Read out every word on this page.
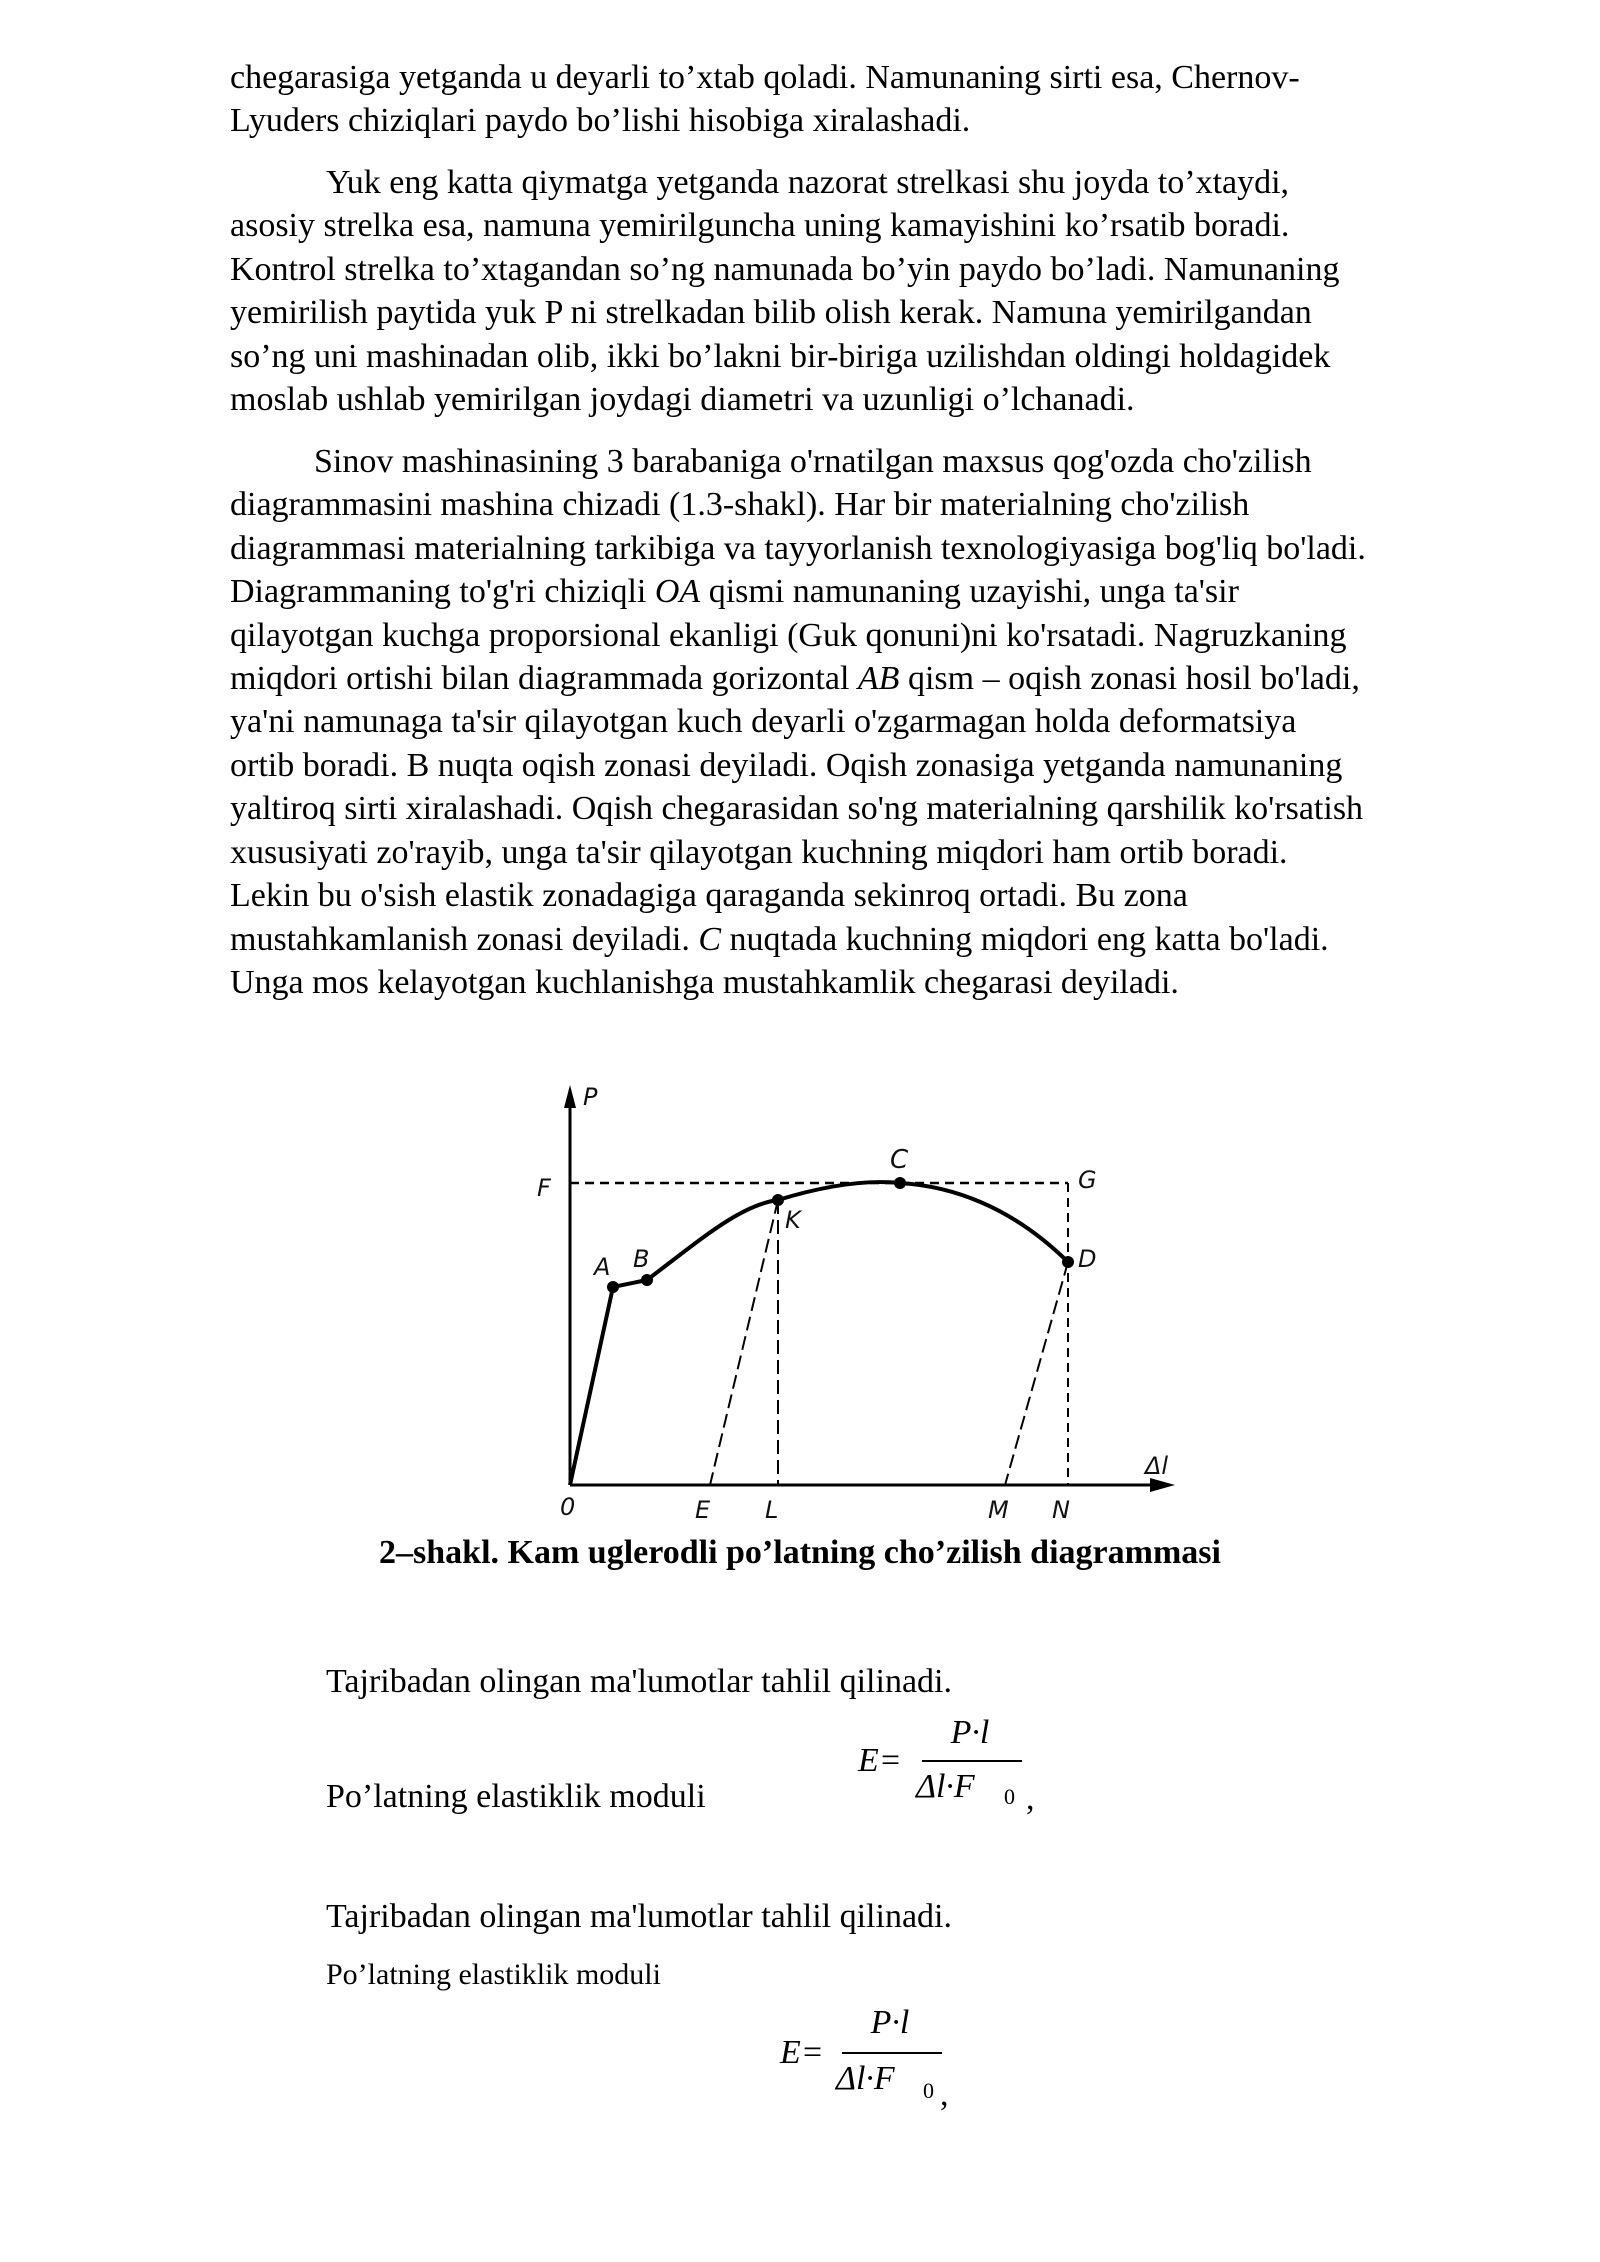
chegarasiga yetganda u deyarli to’xtab qoladi. Namunaning sirti esa, Chernov-

Lyuders chiziqlari paydo bo’lishi hisobiga xiralashadi.

Yuk eng katta qiymatga yetganda nazorat strelkasi shu joyda to’xtaydi,

asosiy strelka esa, namuna yemirilguncha uning kamayishini ko’rsatib boradi.

Kontrol strelka to’xtagandan so’ng namunada bo’yin paydo bo’ladi. Namunaning

yemirilish paytida yuk P ni strelkadan bilib olish kerak. Namuna yemirilgandan

so’ng uni mashinadan olib, ikki bo’lakni bir-biriga uzilishdan oldingi holdagidek

moslab ushlab yemirilgan joydagi diametri va uzunligi o’lchanadi.

Sinov mashinasining 3 barabaniga o'rnatilgan maxsus qog'ozda cho'zilish

diagrammasini mashina chizadi (1.3-shakl). Har bir materialning cho'zilish

diagrammasi materialning tarkibiga va tayyorlanish texnologiyasiga bog'liq bo'ladi.

Diagrammaning to'g'ri chiziqli OA qismi namunaning uzayishi, unga ta'sir

qilayotgan kuchga proporsional ekanligi (Guk qonuni)ni ko'rsatadi. Nagruzkaning

miqdori ortishi bilan diagrammada gorizontal AB qism – oqish zonasi hosil bo'ladi,

ya'ni namunaga ta'sir qilayotgan kuch deyarli o'zgarmagan holda deformatsiya

ortib boradi. B nuqta oqish zonasi deyiladi. Oqish zonasiga yetganda namunaning

yaltiroq sirti xiralashadi. Oqish chegarasidan so'ng materialning qarshilik ko'rsatish

xususiyati zo'rayib, unga ta'sir qilayotgan kuchning miqdori ham ortib boradi.

Lekin bu o'sish elastik zonadagiga qaraganda sekinroq ortadi. Bu zona

mustahkamlanish zonasi deyiladi. C nuqtada kuchning miqdori eng katta bo'ladi.

Unga mos kelayotgan kuchlanishga mustahkamlik chegarasi deyiladi.

P
F
A B
K
C
G
D
0	E L	M N
Δl

2–shakl. Kam uglerodli po’latning cho’zilish diagrammasi

Tajribadan olingan ma'lumotlar tahlil qilinadi.

Po’latning elastiklik moduli

E=
P·l
Δl·F 0 ,

Tajribadan olingan ma'lumotlar tahlil qilinadi.

Po’latning elastiklik moduli

E=
P·l
Δl·F 0 ,
